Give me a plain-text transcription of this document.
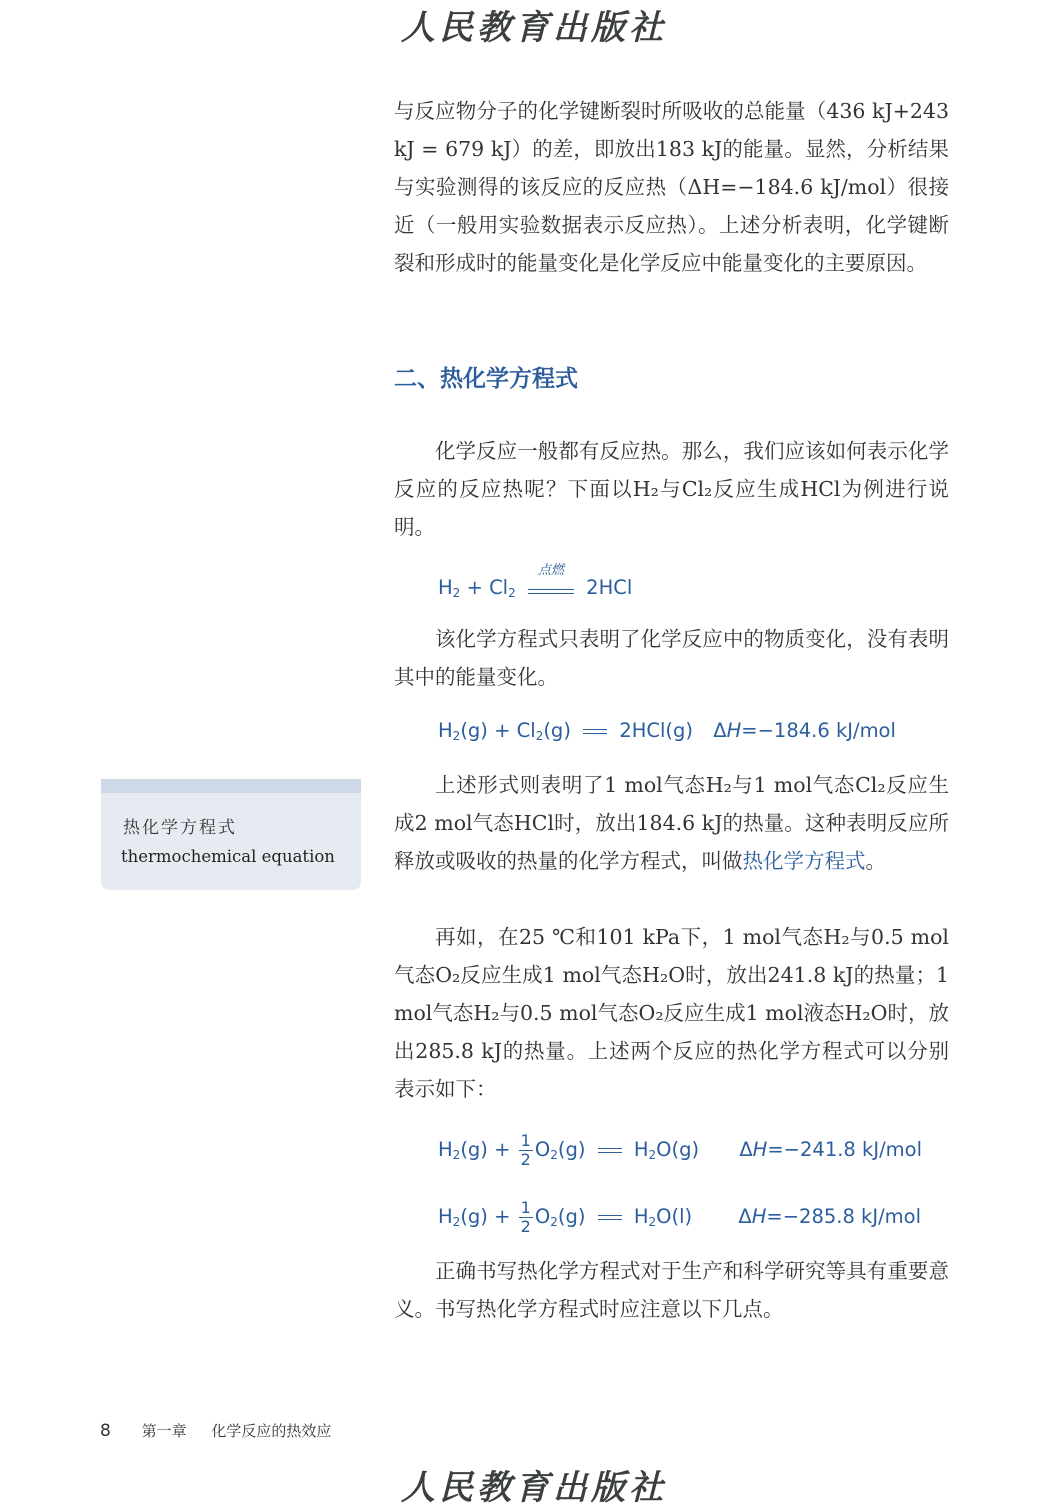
人民教育出版社

与反应物分子的化学键断裂时所吸收的总能量（436 kJ+243 kJ = 679 kJ）的差，即放出183 kJ的能量。显然，分析结果与实验测得的该反应的反应热（ΔH=−184.6 kJ/mol）很接近（一般用实验数据表示反应热）。上述分析表明，化学键断裂和形成时的能量变化是化学反应中能量变化的主要原因。

二、热化学方程式

化学反应一般都有反应热。那么，我们应该如何表示化学反应的反应热呢？下面以H₂与Cl₂反应生成HCl为例进行说明。

$H_2 + Cl_2$
点燃
2HCl

该化学方程式只表明了化学反应中的物质变化，没有表明其中的能量变化。

$H_2(g) + Cl_2(g)$ 2HCl(g) ΔH=−184.6 kJ/mol
热化学方程式
thermochemical equation

上述形式则表明了1 mol气态H₂与1 mol气态Cl₂反应生成2 mol气态HCl时，放出184.6 kJ的热量。这种表明反应所释放或吸收的热量的化学方程式，叫做热化学方程式。

再如，在25 ℃和101 kPa下，1 mol气态H₂与0.5 mol气态O₂反应生成1 mol气态H₂O时，放出241.8 kJ的热量；1 mol气态H₂与0.5 mol气态O₂反应生成1 mol液态H₂O时，放出285.8 kJ的热量。上述两个反应的热化学方程式可以分别表示如下：

$H_2(g) + \frac{1}{2} O_2(g)$ $H_2O(g)$ ΔH=−241.8 kJ/mol
$H_2(g) + \frac{1}{2} O_2(g)$ $H_2O(l)$ ΔH=−285.8 kJ/mol

正确书写热化学方程式对于生产和科学研究等具有重要意义。书写热化学方程式时应注意以下几点。

8 第一章 化学反应的热效应
人民教育出版社
